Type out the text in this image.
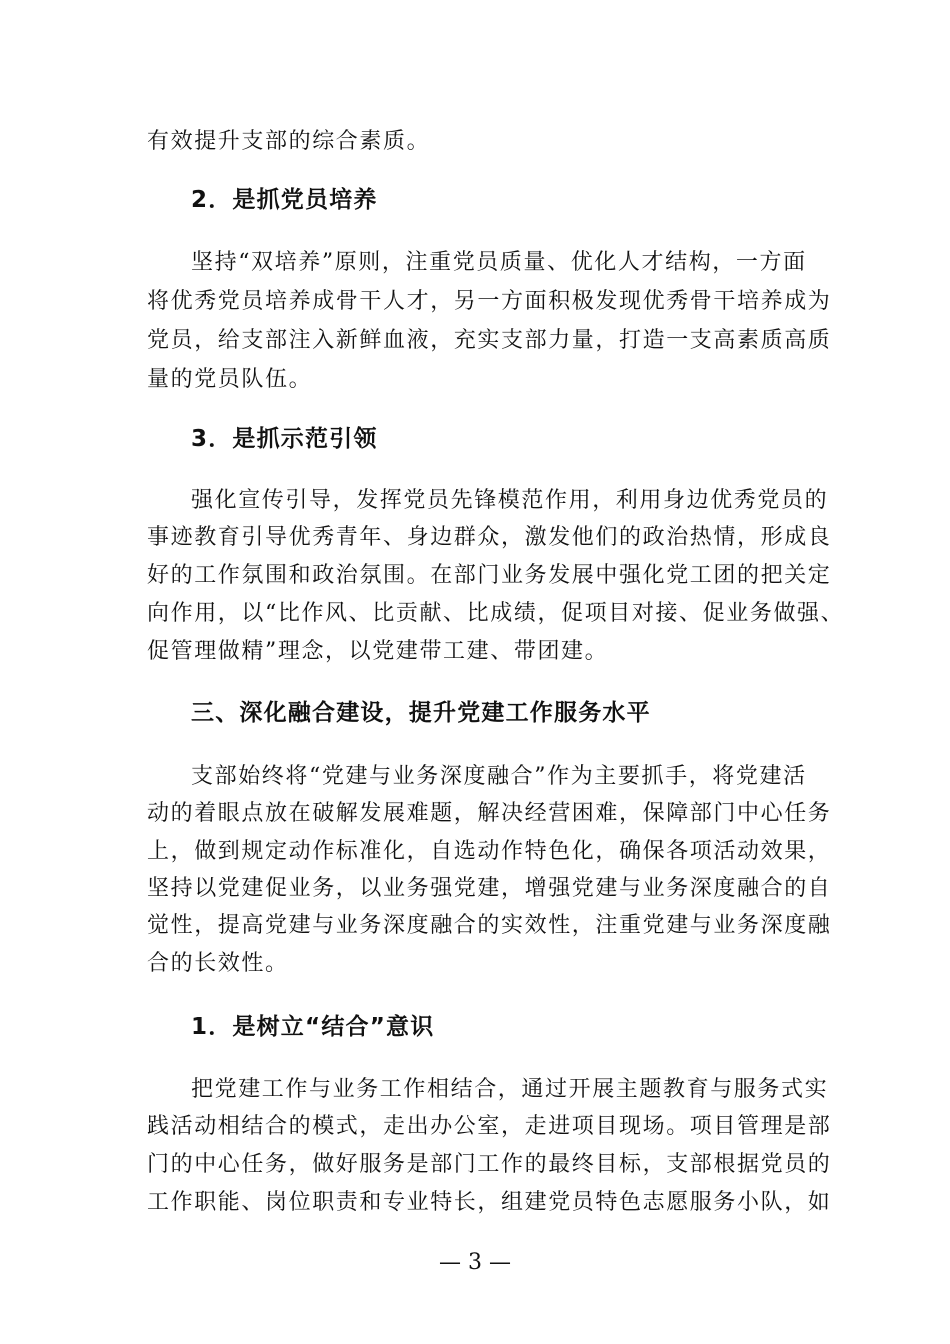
有效提升支部的综合素质。

2．是抓党员培养

坚持“双培养”原则，注重党员质量、优化人才结构，一方面

将优秀党员培养成骨干人才，另一方面积极发现优秀骨干培养成为

党员，给支部注入新鲜血液，充实支部力量，打造一支高素质高质

量的党员队伍。

3．是抓示范引领

强化宣传引导，发挥党员先锋模范作用，利用身边优秀党员的

事迹教育引导优秀青年、身边群众，激发他们的政治热情，形成良

好的工作氛围和政治氛围。在部门业务发展中强化党工团的把关定

向作用，以“比作风、比贡献、比成绩，促项目对接、促业务做强、

促管理做精”理念，以党建带工建、带团建。

三、深化融合建设，提升党建工作服务水平

支部始终将“党建与业务深度融合”作为主要抓手，将党建活

动的着眼点放在破解发展难题，解决经营困难，保障部门中心任务

上，做到规定动作标准化，自选动作特色化，确保各项活动效果，

坚持以党建促业务，以业务强党建，增强党建与业务深度融合的自

觉性，提高党建与业务深度融合的实效性，注重党建与业务深度融

合的长效性。

1．是树立“结合”意识

把党建工作与业务工作相结合，通过开展主题教育与服务式实

践活动相结合的模式，走出办公室，走进项目现场。项目管理是部

门的中心任务，做好服务是部门工作的最终目标，支部根据党员的

工作职能、岗位职责和专业特长，组建党员特色志愿服务小队，如

— 3 —
